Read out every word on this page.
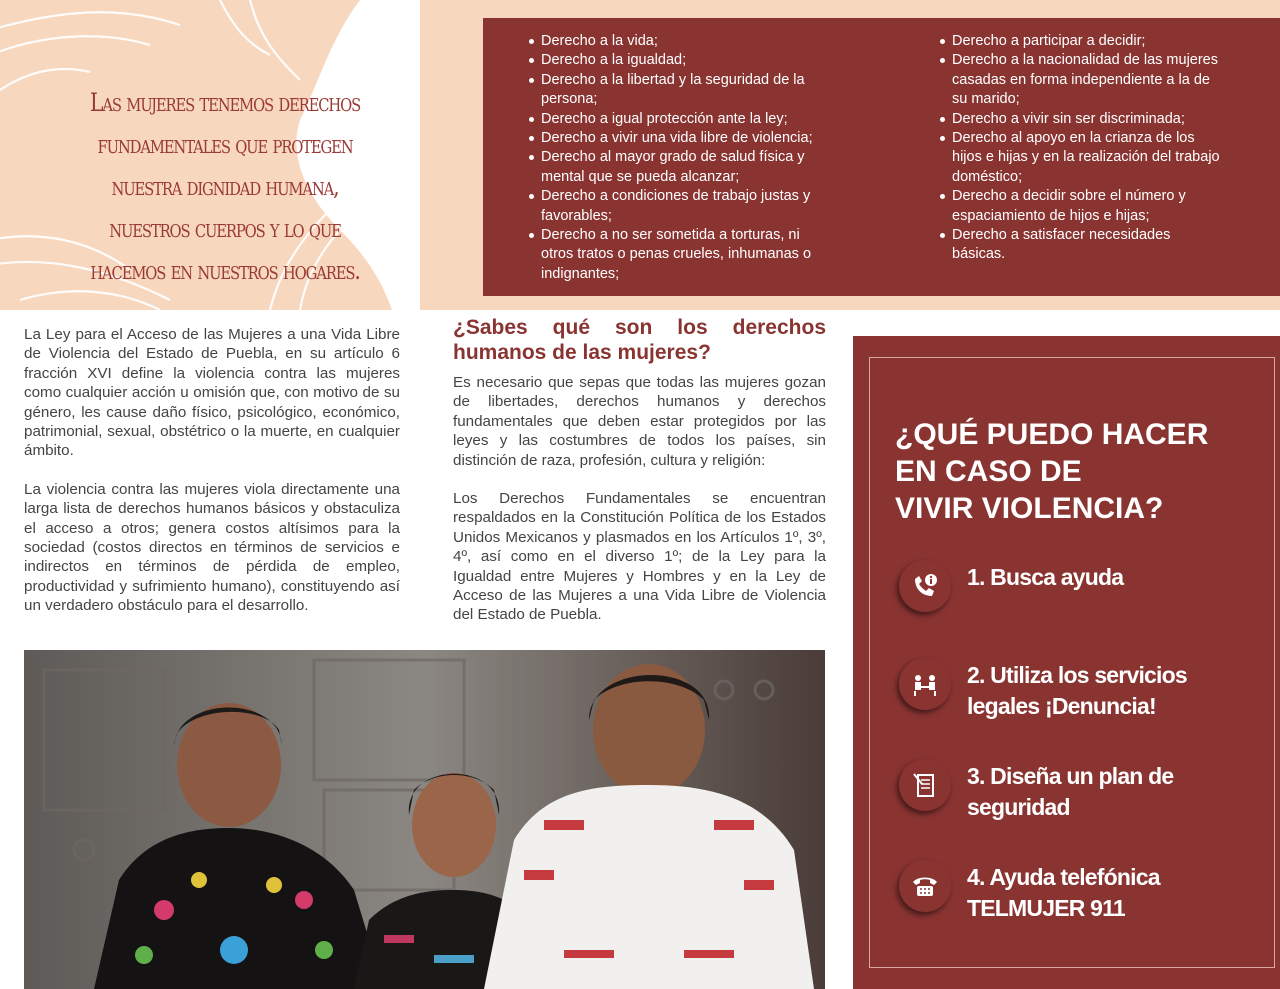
Las mujeres tenemos derechos fundamentales que protegen nuestra dignidad humana, nuestros cuerpos y lo que hacemos en nuestros hogares.
Derecho a la vida;
Derecho a la igualdad;
Derecho a la libertad y la seguridad de la persona;
Derecho a igual protección ante la ley;
Derecho a vivir una vida libre de violencia;
Derecho al mayor grado de salud física y mental que se pueda alcanzar;
Derecho a condiciones de trabajo justas y favorables;
Derecho a no ser sometida a torturas, ni otros tratos o penas crueles, inhumanas o indignantes;
Derecho a participar a decidir;
Derecho a la nacionalidad de las mujeres casadas en forma independiente a la de su marido;
Derecho a vivir sin ser discriminada;
Derecho al apoyo en la crianza de los hijos e hijas y en la realización del trabajo doméstico;
Derecho a decidir sobre el número y espaciamiento de hijos e hijas;
Derecho a satisfacer necesidades básicas.

La Ley para el Acceso de las Mujeres a una Vida Libre de Violencia del Estado de Puebla, en su artículo 6 fracción XVI define la violencia contra las mujeres como cualquier acción u omisión que, con motivo de su género, les cause daño físico, psicológico, económico, patrimonial, sexual, obstétrico o la muerte, en cualquier ámbito.

La violencia contra las mujeres viola directamente una larga lista de derechos humanos básicos y obstaculiza el acceso a otros; genera costos altísimos para la sociedad (costos directos en términos de servicios e indirectos en términos de pérdida de empleo, productividad y sufrimiento humano), constituyendo así un verdadero obstáculo para el desarrollo.

¿Sabes qué son los derechos humanos de las mujeres?

Es necesario que sepas que todas las mujeres gozan de libertades, derechos humanos y derechos fundamentales que deben estar protegidos por las leyes y las costumbres de todos los países, sin distinción de raza, profesión, cultura y religión:

Los Derechos Fundamentales se encuentran respaldados en la Constitución Política de los Estados Unidos Mexicanos y plasmados en los Artículos 1º, 3º, 4º, así como en el diverso 1º; de la Ley para la Igualdad entre Mujeres y Hombres y en la Ley de Acceso de las Mujeres a una Vida Libre de Violencia del Estado de Puebla.

¿QUÉ PUEDO HACER
EN CASO DE
VIVIR VIOLENCIA?
1. Busca ayuda
2. Utiliza los servicios
legales ¡Denuncia!
3. Diseña un plan de
seguridad
4. Ayuda telefónica
TELMUJER 911
